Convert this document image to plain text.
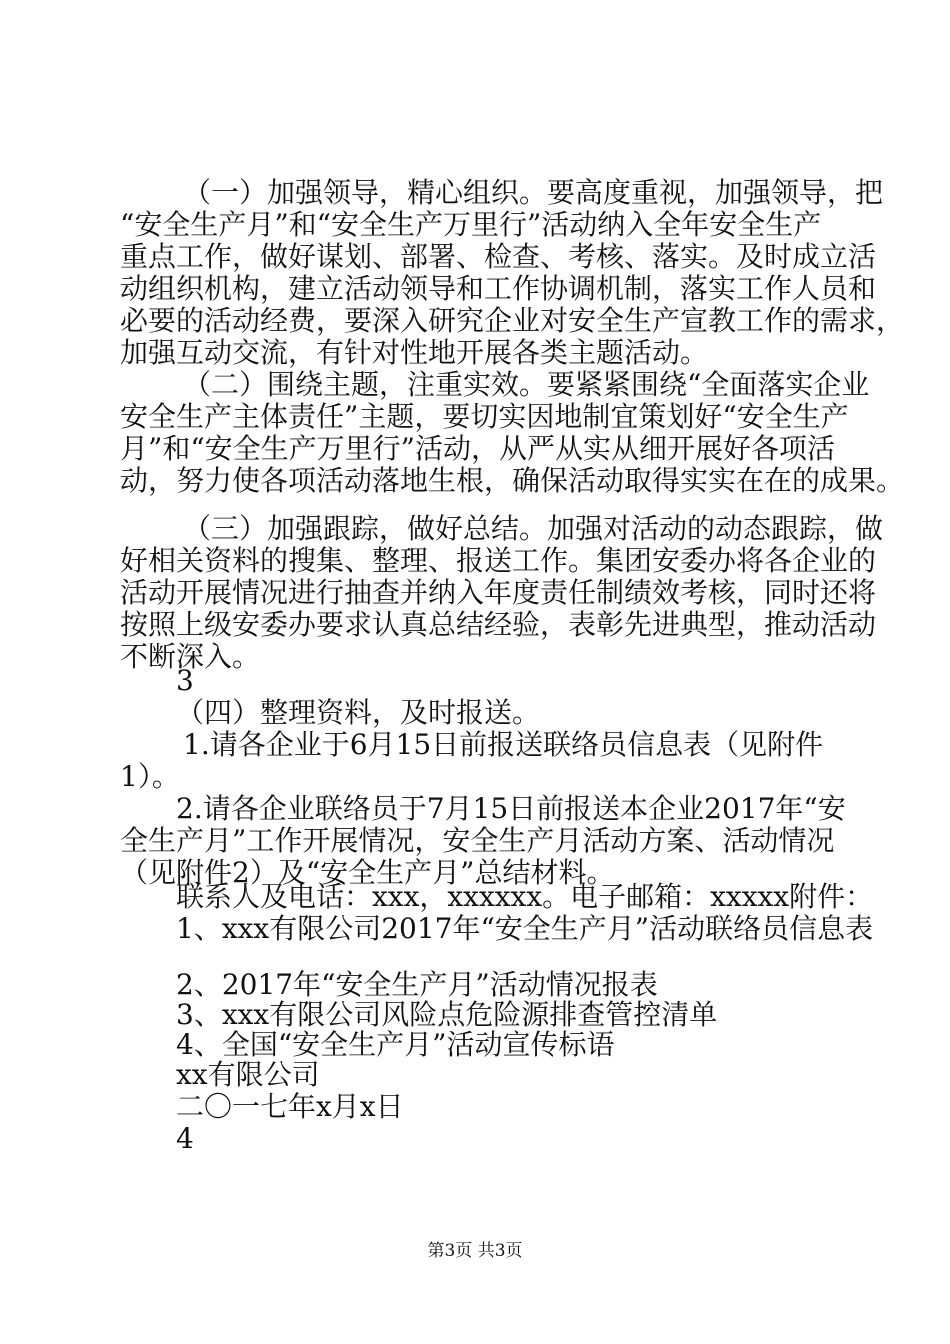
（一）加强领导，精心组织。要高度重视，加强领导，把
“安全生产月”和“安全生产万里行”活动纳入全年安全生产
重点工作，做好谋划、部署、检查、考核、落实。及时成立活
动组织机构，建立活动领导和工作协调机制，落实工作人员和
必要的活动经费，要深入研究企业对安全生产宣教工作的需求，
加强互动交流，有针对性地开展各类主题活动。
（二）围绕主题，注重实效。要紧紧围绕“全面落实企业
安全生产主体责任”主题，要切实因地制宜策划好“安全生产
月”和“安全生产万里行”活动，从严从实从细开展好各项活
动，努力使各项活动落地生根，确保活动取得实实在在的成果。
（三）加强跟踪，做好总结。加强对活动的动态跟踪，做
好相关资料的搜集、整理、报送工作。集团安委办将各企业的
活动开展情况进行抽查并纳入年度责任制绩效考核，同时还将
按照上级安委办要求认真总结经验，表彰先进典型，推动活动
不断深入。
3
（四）整理资料，及时报送。
1.请各企业于6月15日前报送联络员信息表（见附件
1）。
2.请各企业联络员于7月15日前报送本企业2017年“安
全生产月”工作开展情况，安全生产月活动方案、活动情况
（见附件2）及“安全生产月”总结材料。
联系人及电话：xxx，xxxxxx。电子邮箱：xxxxx附件：
1、xxx有限公司2017年“安全生产月”活动联络员信息表
2、2017年“安全生产月”活动情况报表
3、xxx有限公司风险点危险源排查管控清单
4、全国“安全生产月”活动宣传标语
xx有限公司
二〇一七年x月x日
4
第3页 共3页
